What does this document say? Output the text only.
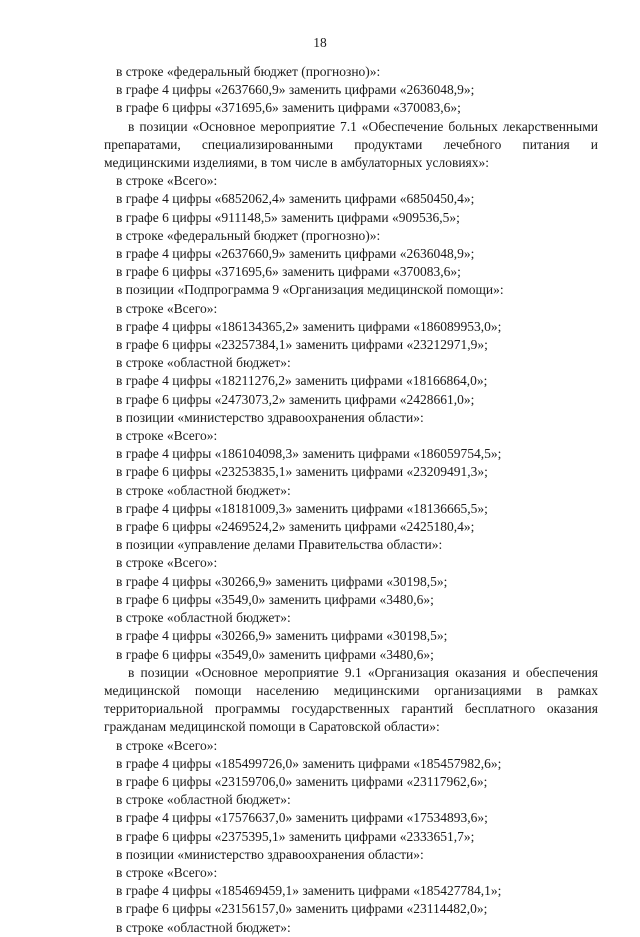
18
в строке «федеральный бюджет (прогнозно)»:
в графе 4 цифры «2637660,9» заменить цифрами «2636048,9»;
в графе 6 цифры «371695,6» заменить цифрами «370083,6»;
в позиции «Основное мероприятие 7.1 «Обеспечение больных лекарственными препаратами, специализированными продуктами лечебного питания и медицинскими изделиями, в том числе в амбулаторных условиях»:
в строке «Всего»:
в графе 4 цифры «6852062,4» заменить цифрами «6850450,4»;
в графе 6 цифры «911148,5» заменить цифрами «909536,5»;
в строке «федеральный бюджет (прогнозно)»:
в графе 4 цифры «2637660,9» заменить цифрами «2636048,9»;
в графе 6 цифры «371695,6» заменить цифрами «370083,6»;
в позиции «Подпрограмма 9 «Организация медицинской помощи»:
в строке «Всего»:
в графе 4 цифры «186134365,2» заменить цифрами «186089953,0»;
в графе 6 цифры «23257384,1» заменить цифрами «23212971,9»;
в строке «областной бюджет»:
в графе 4 цифры «18211276,2» заменить цифрами «18166864,0»;
в графе 6 цифры «2473073,2» заменить цифрами «2428661,0»;
в позиции «министерство здравоохранения области»:
в строке «Всего»:
в графе 4 цифры «186104098,3» заменить цифрами «186059754,5»;
в графе 6 цифры «23253835,1» заменить цифрами «23209491,3»;
в строке «областной бюджет»:
в графе 4 цифры «18181009,3» заменить цифрами «18136665,5»;
в графе 6 цифры «2469524,2» заменить цифрами «2425180,4»;
в позиции «управление делами Правительства области»:
в строке «Всего»:
в графе 4 цифры «30266,9» заменить цифрами «30198,5»;
в графе 6 цифры «3549,0» заменить цифрами «3480,6»;
в строке «областной бюджет»:
в графе 4 цифры «30266,9» заменить цифрами «30198,5»;
в графе 6 цифры «3549,0» заменить цифрами «3480,6»;
в позиции «Основное мероприятие 9.1 «Организация оказания и обеспечения медицинской помощи населению медицинскими организациями в рамках территориальной программы государственных гарантий бесплатного оказания гражданам медицинской помощи в Саратовской области»:
в строке «Всего»:
в графе 4 цифры «185499726,0» заменить цифрами «185457982,6»;
в графе 6 цифры «23159706,0» заменить цифрами «23117962,6»;
в строке «областной бюджет»:
в графе 4 цифры «17576637,0» заменить цифрами «17534893,6»;
в графе 6 цифры «2375395,1» заменить цифрами «2333651,7»;
в позиции «министерство здравоохранения области»:
в строке «Всего»:
в графе 4 цифры «185469459,1» заменить цифрами «185427784,1»;
в графе 6 цифры «23156157,0» заменить цифрами «23114482,0»;
в строке «областной бюджет»:
